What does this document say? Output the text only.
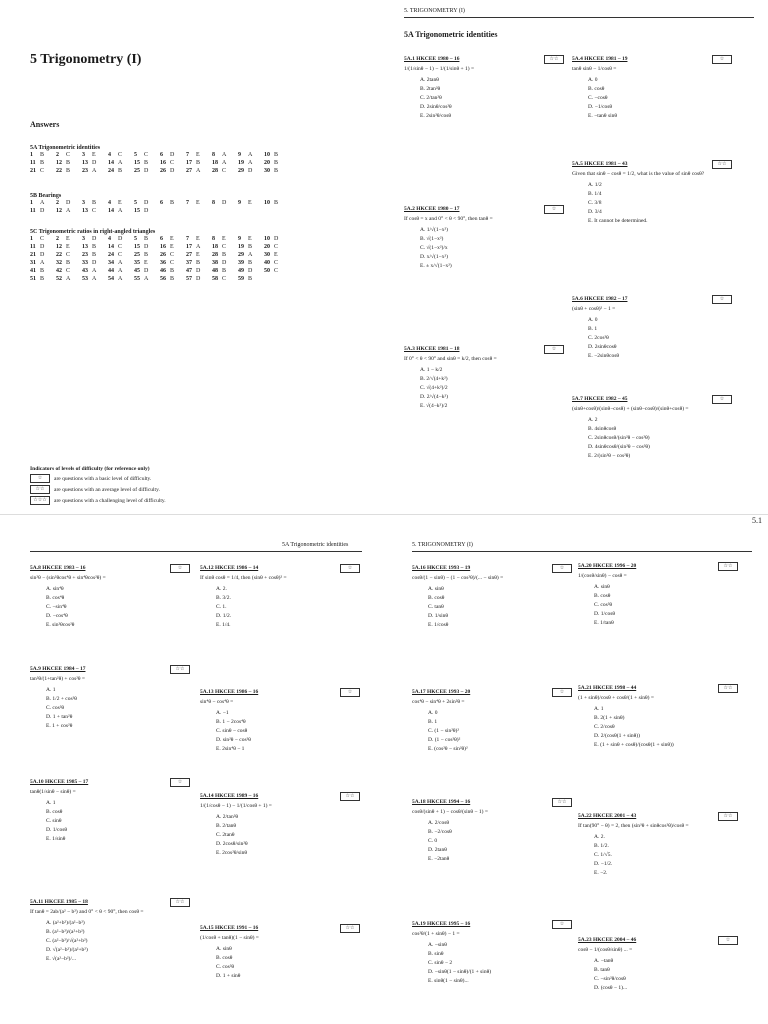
5 Trigonometry (I)
Answers
5A Trigonometric identities
1	B	2	C	3	E	4	C	5	C	6	D	7	E	8	A	9	A	10 B
11 B	12 B	13 D	14 A	15 B	16 C	17 B	18 A	19 A	20 B
21 C	22 B	23 A	24 B	25 D	26 D	27 A	28 C	29 D	30 B
5B Bearings
1	A	2	D	3	B	4	E	5	D	6	B	7	E	8	D	9	E	10 B
11 D	12 A	13 C	14 A	15 D
5C Trigonometric ratios in right-angled triangles
1	C	2	E	3	D	4	D	5	B	6	E	7	E	8	E	9	E	10 D
11 D	12 E	13 B	14 C	15 D	16 E	17 A	18 C	19 B	20 C
21 D	22 C	23 B	24 C	25 B	26 C	27 E	28 B	29 A	30 E
31 A	32 B	33 D	34 A	35 E	36 C	37 B	38 D	39 B	40 C
41 B	42 C	43 A	44 A	45 D	46 B	47 D	48 B	49 D	50 C
51 B	52 A	53 A	54 A	55 A	56 B	57 D	58 C	59 B
Indicators of levels of difficulty (for reference only)
☆	are questions with a basic level of difficulty.
☆☆	are questions with an average level of difficulty.
☆☆☆	are questions with a challenging level of difficulty.
5. TRIGONOMETRY (I)
5A Trigonometric identities
5A.1 HKCEE 1980 – 16	☆☆
1/(1/sinθ − 1) − 1/(1/sinθ + 1) =
A. 2tanθ
B. 2tan²θ
C. 2/tan²θ
D. 2sinθ/cos²θ
E. 2sin²θ/cosθ
5A.4 HKCEE 1981 – 19	☆
tanθ sinθ − 1/cosθ =
A. 0
B. cosθ
C. −cosθ
D. −1/cosθ
E. −tanθ sinθ
5A.2 HKCEE 1980 – 17	☆
If cosθ = x and 0° < θ < 90°, then tanθ =
A. 1/√(1−x²)
B. √(1−x²)
C. √(1−x²)/x
D. x/√(1−x²)
E. ± x/√(1−x²)
5A.5 HKCEE 1981 – 43	☆☆
Given that sinθ − cosθ = 1/2, what is the value of sinθ cosθ?
A. 1/2
B. 1/4
C. 3/8
D. 3/4
E. It cannot be determined.
5A.3 HKCEE 1981 – 18	☆
If 0° < θ < 90° and sinθ = k/2, then cosθ =
A. 1 − k/2
B. 2/√(4+k²)
C. √(4+k²)/2
D. 2/√(4−k²)
E. √(4−k²)/2
5A.6 HKCEE 1982 – 17	☆
(sinθ + cosθ)² − 1 =
A. 0
B. 1
C. 2cos²θ
D. 2sinθcosθ
E. −2sinθcosθ
5A.7 HKCEE 1982 – 45	☆
(sinθ+cosθ)/(sinθ−cosθ) + (sinθ−cosθ)/(sinθ+cosθ) =
A. 2
B. 4sinθcosθ
C. 2sinθcosθ/(sin²θ − cos²θ)
D. 4sinθcosθ/(sin²θ − cos²θ)
E. 2/(sin²θ − cos²θ)
5A Trigonometric identities
5A.8 HKCEE 1983 – 16	☆
sin²θ − (sin²θcos⁴θ + sin⁴θcos²θ) =
A. sin⁴θ
B. cos⁴θ
C. −sin⁴θ
D. −cos⁴θ
E. sin²θcos²θ
5A.12 HKCEE 1986 – 14	☆
If sinθ cosθ = 1/4, then (sinθ + cosθ)² =
A. 2.
B. 3/2.
C. 1.
D. 1/2.
E. 1/4.
5A.9 HKCEE 1984 – 17	☆☆
tan²θ/(1+tan²θ) + cos²θ =
A. 1
B. 1/2 + cos²θ
C. cos²θ
D. 1 + tan²θ
E. 1 + cos²θ
5A.13 HKCEE 1986 – 16	☆
sin⁴θ − cos⁴θ =
A. −1
B. 1 − 2cos⁴θ
C. sinθ − cosθ
D. sin²θ − cos²θ
E. 2sin⁴θ − 1
5A.10 HKCEE 1985 – 17	☆
tanθ(1/sinθ − sinθ) =
A. 1
B. cosθ
C. sinθ
D. 1/cosθ
E. 1/sinθ
5A.14 HKCEE 1989 – 16	☆☆
1/(1/cosθ − 1) − 1/(1/cosθ + 1) =
A. 2/tan²θ
B. 2/tanθ
C. 2tanθ
D. 2cosθ/sin²θ
E. 2cos²θ/sinθ
5A.11 HKCEE 1985 – 18	☆☆
If tanθ = 2ab/(a² − b²) and 0° < θ < 90°, then cosθ =
A. (a²+b²)/(a²−b²)
B. (a²−b²)/(a²+b²)
C. (a²−b²)/√(a²+b²)
D. √(a²−b²)/(a²+b²)
E. √(a²−b²)/...
5A.15 HKCEE 1991 – 16	☆☆
(1/cosθ + tanθ)(1 − sinθ) =
A. sinθ
B. cosθ
C. cos²θ
D. 1 + sinθ
5. TRIGONOMETRY (I)
5A.16 HKCEE 1993 – 19	☆
cosθ/(1 − sinθ) − (1 − cos²θ)/(... − sinθ) =
A. sinθ
B. cosθ
C. tanθ
D. 1/sinθ
E. 1/cosθ
5A.20 HKCEE 1996 – 20	☆☆
1/(cosθ/sinθ) − cosθ =
A. sinθ
B. cosθ
C. cos²θ
D. 1/cosθ
E. 1/tanθ
5A.17 HKCEE 1993 – 20	☆
cos⁴θ − sin⁴θ + 2sin²θ =
A. 0
B. 1
C. (1 − sin²θ)²
D. (1 − cos²θ)²
E. (cos²θ − sin²θ)²
5A.21 HKCEE 1998 – 44	☆☆
(1 + sinθ)/cosθ + cosθ/(1 + sinθ) =
A. 1
B. 2(1 + sinθ)
C. 2/cosθ
D. 2/(cosθ(1 + sinθ))
E. (1 + sinθ + cosθ)/(cosθ(1 + sinθ))
5A.18 HKCEE 1994 – 16	☆☆
cosθ/(sinθ + 1) − cosθ/(sinθ − 1) =
A. 2/cosθ
B. −2/cosθ
C. 0
D. 2tanθ
E. −2tanθ
5A.22 HKCEE 2001 – 43	☆☆
If tan(90° − θ) = 2, then (sin³θ + sinθcos²θ)/cosθ =
A. 2.
B. 1/2.
C. 1/√5.
D. −1/2.
E. −2.
5A.19 HKCEE 1995 – 16	☆
cos²θ/(1 + sinθ) − 1 =
A. −sinθ
B. sinθ
C. sinθ − 2
D. −sinθ(1 − sinθ)/(1 + sinθ)
E. sinθ(1 − sinθ)...
5A.23 HKCEE 2004 – 46	☆
cosθ − 1/(cosθ/sinθ) ... =
A. −tanθ
B. tanθ
C. −sin²θ/cosθ
D. (cosθ − 1)...
5.1
